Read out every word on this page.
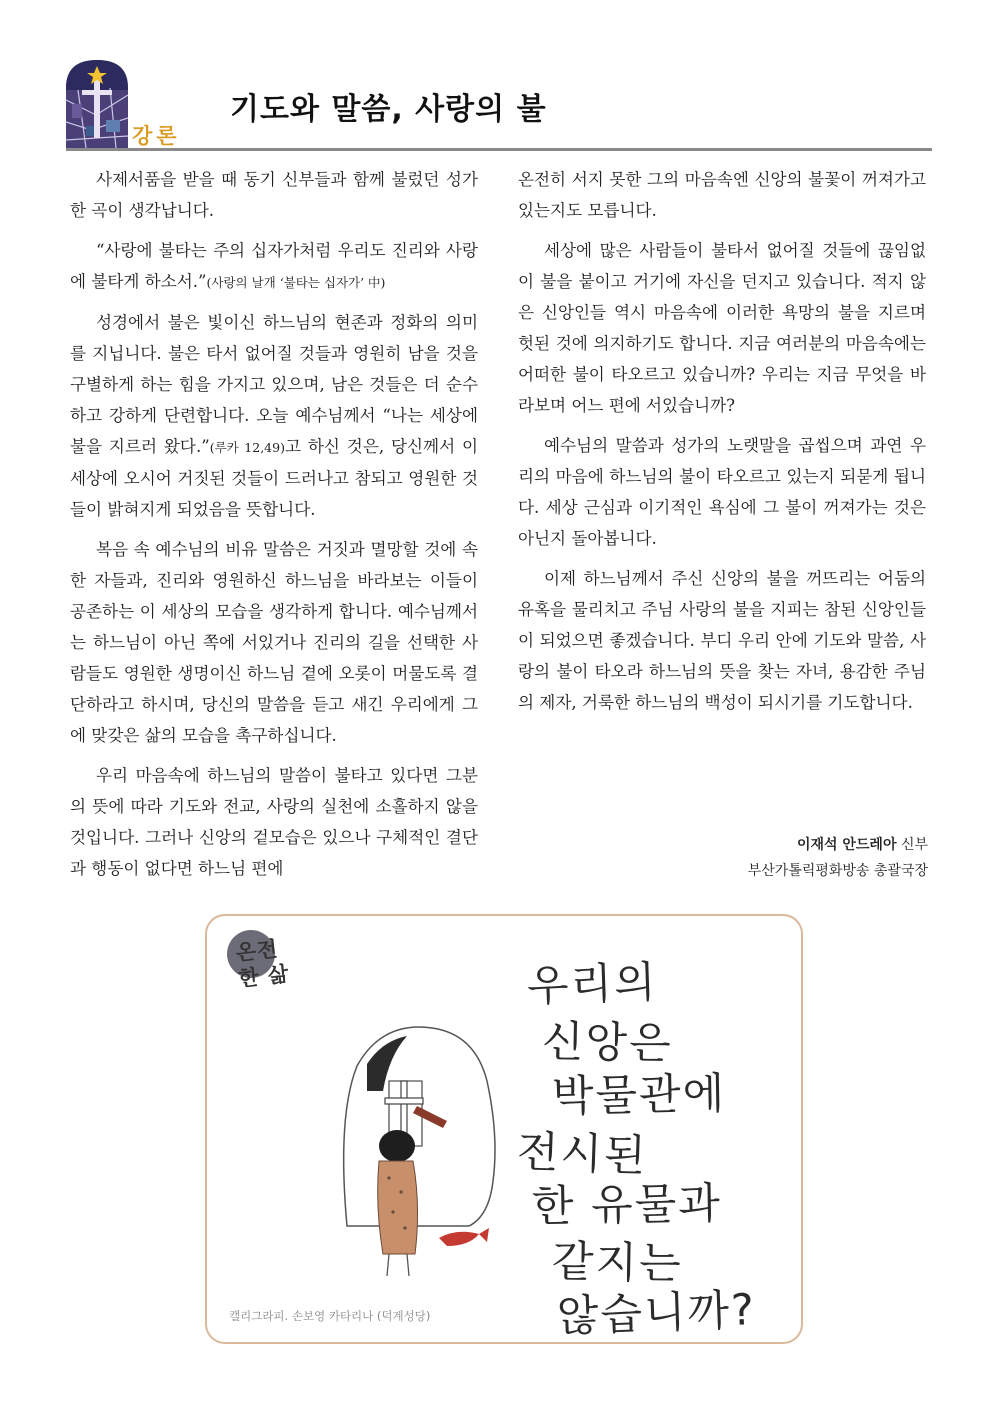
강론
기도와 말씀, 사랑의 불

사제서품을 받을 때 동기 신부들과 함께 불렀던 성가 한 곡이 생각납니다.

“사랑에 불타는 주의 십자가처럼 우리도 진리와 사랑에 불타게 하소서.”(사랑의 날개 ‘불타는 십자가’ 中)

성경에서 불은 빛이신 하느님의 현존과 정화의 의미를 지닙니다. 불은 타서 없어질 것들과 영원히 남을 것을 구별하게 하는 힘을 가지고 있으며, 남은 것들은 더 순수하고 강하게 단련합니다. 오늘 예수님께서 “나는 세상에 불을 지르러 왔다.”(루카 12,49)고 하신 것은, 당신께서 이 세상에 오시어 거짓된 것들이 드러나고 참되고 영원한 것들이 밝혀지게 되었음을 뜻합니다.

복음 속 예수님의 비유 말씀은 거짓과 멸망할 것에 속한 자들과, 진리와 영원하신 하느님을 바라보는 이들이 공존하는 이 세상의 모습을 생각하게 합니다. 예수님께서는 하느님이 아닌 쪽에 서있거나 진리의 길을 선택한 사람들도 영원한 생명이신 하느님 곁에 오롯이 머물도록 결단하라고 하시며, 당신의 말씀을 듣고 새긴 우리에게 그에 맞갖은 삶의 모습을 촉구하십니다.

우리 마음속에 하느님의 말씀이 불타고 있다면 그분의 뜻에 따라 기도와 전교, 사랑의 실천에 소홀하지 않을 것입니다. 그러나 신앙의 겉모습은 있으나 구체적인 결단과 행동이 없다면 하느님 편에

온전히 서지 못한 그의 마음속엔 신앙의 불꽃이 꺼져가고 있는지도 모릅니다.

세상에 많은 사람들이 불타서 없어질 것들에 끊임없이 불을 붙이고 거기에 자신을 던지고 있습니다. 적지 않은 신앙인들 역시 마음속에 이러한 욕망의 불을 지르며 헛된 것에 의지하기도 합니다. 지금 여러분의 마음속에는 어떠한 불이 타오르고 있습니까? 우리는 지금 무엇을 바라보며 어느 편에 서있습니까?

예수님의 말씀과 성가의 노랫말을 곱씹으며 과연 우리의 마음에 하느님의 불이 타오르고 있는지 되묻게 됩니다. 세상 근심과 이기적인 욕심에 그 불이 꺼져가는 것은 아닌지 돌아봅니다.

이제 하느님께서 주신 신앙의 불을 꺼뜨리는 어둠의 유혹을 물리치고 주님 사랑의 불을 지피는 참된 신앙인들이 되었으면 좋겠습니다. 부디 우리 안에 기도와 말씀, 사랑의 불이 타오라 하느님의 뜻을 찾는 자녀, 용감한 주님의 제자, 거룩한 하느님의 백성이 되시기를 기도합니다.

이재석 안드레아 신부
부산가톨릭평화방송 총괄국장
온전
한 삶	우리의
신앙은
박물관에
전시된
한 유물과
같지는
않습니까?
캘리그라피. 손보영 카타리나 (덕계성당)
